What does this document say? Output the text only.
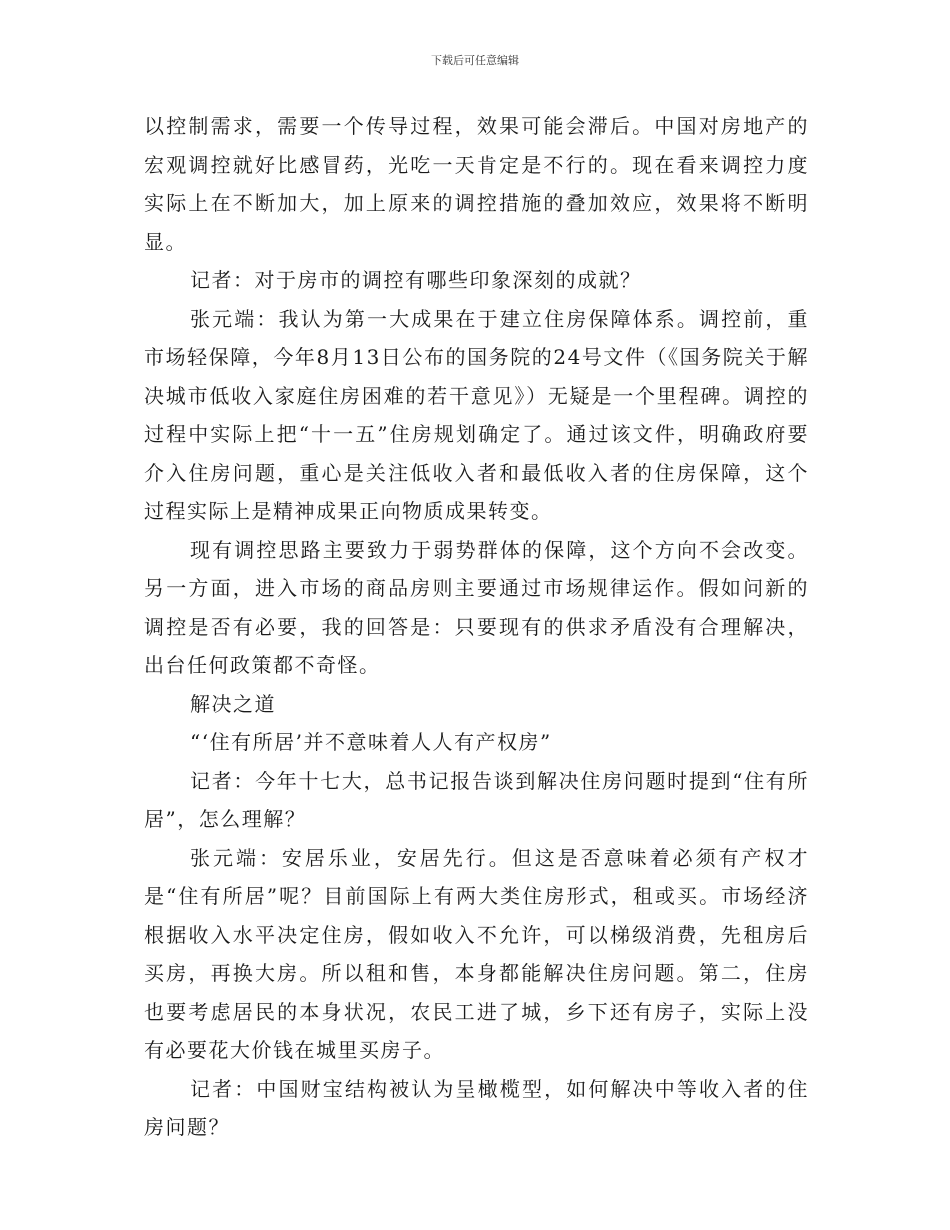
下载后可任意编辑

以控制需求，需要一个传导过程，效果可能会滞后。中国对房地产的宏观调控就好比感冒药，光吃一天肯定是不行的。现在看来调控力度实际上在不断加大，加上原来的调控措施的叠加效应，效果将不断明显。

记者：对于房市的调控有哪些印象深刻的成就？

张元端：我认为第一大成果在于建立住房保障体系。调控前，重市场轻保障，今年8月13日公布的国务院的24号文件（《国务院关于解决城市低收入家庭住房困难的若干意见》）无疑是一个里程碑。调控的过程中实际上把“十一五”住房规划确定了。通过该文件，明确政府要介入住房问题，重心是关注低收入者和最低收入者的住房保障，这个过程实际上是精神成果正向物质成果转变。

现有调控思路主要致力于弱势群体的保障，这个方向不会改变。另一方面，进入市场的商品房则主要通过市场规律运作。假如问新的调控是否有必要，我的回答是：只要现有的供求矛盾没有合理解决，出台任何政策都不奇怪。

解决之道

“‘住有所居’并不意味着人人有产权房”

记者：今年十七大，总书记报告谈到解决住房问题时提到“住有所居”，怎么理解？

张元端：安居乐业，安居先行。但这是否意味着必须有产权才是“住有所居”呢？目前国际上有两大类住房形式，租或买。市场经济根据收入水平决定住房，假如收入不允许，可以梯级消费，先租房后买房，再换大房。所以租和售，本身都能解决住房问题。第二，住房也要考虑居民的本身状况，农民工进了城，乡下还有房子，实际上没有必要花大价钱在城里买房子。

记者：中国财宝结构被认为呈橄榄型，如何解决中等收入者的住房问题？
